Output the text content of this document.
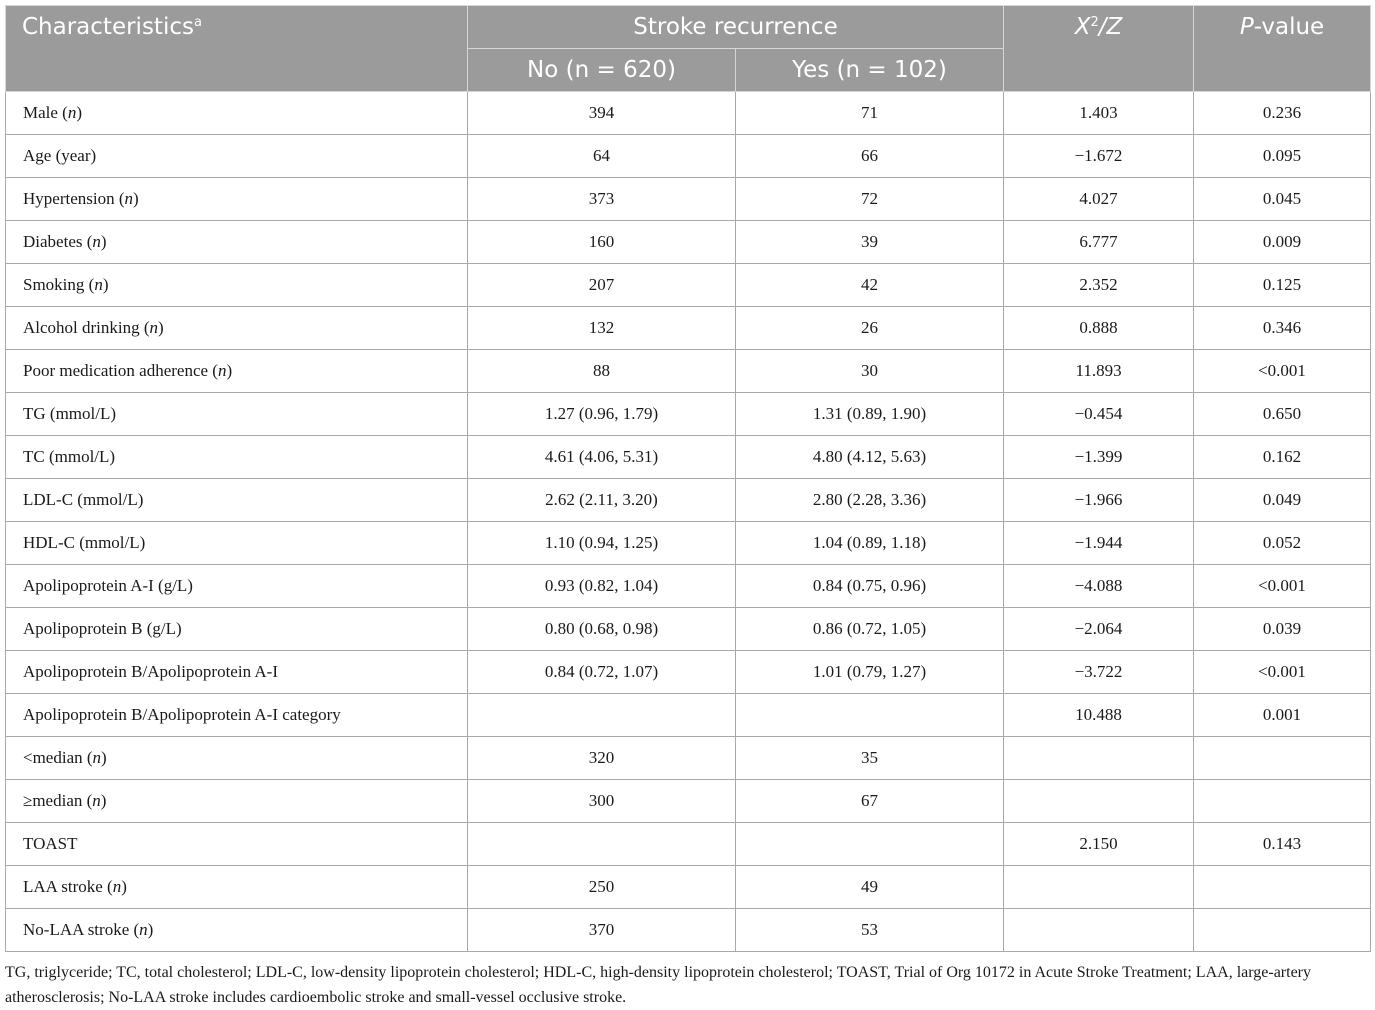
Characteristics$^a$	Stroke recurrence		$X^2/Z$	P-value
	No (n = 620)	Yes (n = 102)		
Male (n)	394	71	1.403	0.236
Age (year)	64	66	−1.672	0.095
Hypertension (n)	373	72	4.027	0.045
Diabetes (n)	160	39	6.777	0.009
Smoking (n)	207	42	2.352	0.125
Alcohol drinking (n)	132	26	0.888	0.346
Poor medication adherence (n)	88	30	11.893	<0.001
TG (mmol/L)	1.27 (0.96, 1.79)	1.31 (0.89, 1.90)	−0.454	0.650
TC (mmol/L)	4.61 (4.06, 5.31)	4.80 (4.12, 5.63)	−1.399	0.162
LDL-C (mmol/L)	2.62 (2.11, 3.20)	2.80 (2.28, 3.36)	−1.966	0.049
HDL-C (mmol/L)	1.10 (0.94, 1.25)	1.04 (0.89, 1.18)	−1.944	0.052
Apolipoprotein A-I (g/L)	0.93 (0.82, 1.04)	0.84 (0.75, 0.96)	−4.088	<0.001
Apolipoprotein B (g/L)	0.80 (0.68, 0.98)	0.86 (0.72, 1.05)	−2.064	0.039
Apolipoprotein B/Apolipoprotein A-I	0.84 (0.72, 1.07)	1.01 (0.79, 1.27)	−3.722	<0.001
Apolipoprotein B/Apolipoprotein A-I category			10.488	0.001
<median (n)	320	35		
≥median (n)	300	67		
TOAST			2.150	0.143
LAA stroke (n)	250	49		
No-LAA stroke (n)	370	53		
TG, triglyceride; TC, total cholesterol; LDL-C, low-density lipoprotein cholesterol; HDL-C, high-density lipoprotein cholesterol; TOAST, Trial of Org 10172 in Acute Stroke Treatment; LAA, large-artery atherosclerosis; No-LAA stroke includes cardioembolic stroke and small-vessel occlusive stroke.
